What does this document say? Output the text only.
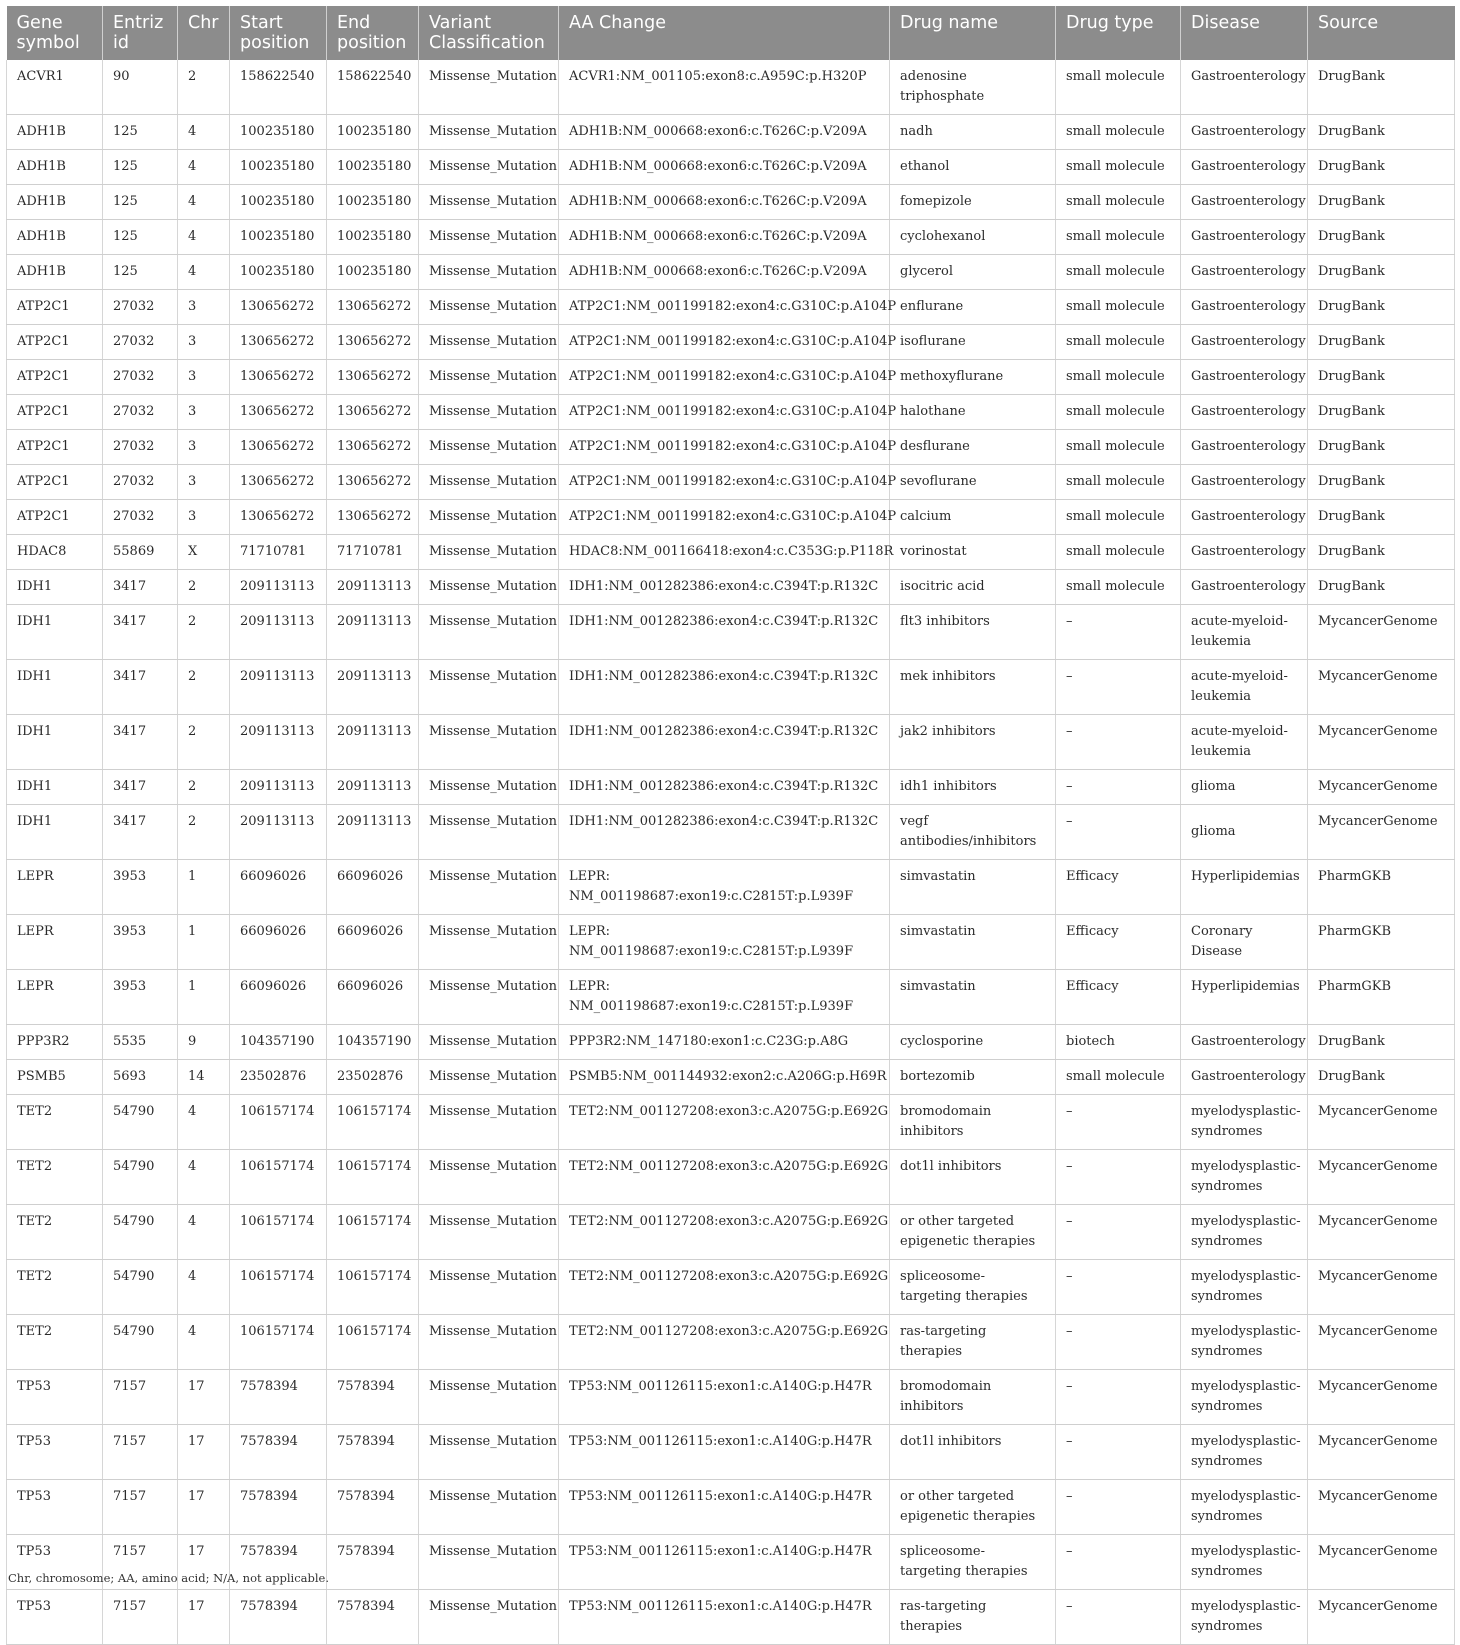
Gene symbol	Entriz id	Chr	Start position	End position	Variant Classification	AA Change	Drug name	Drug type	Disease	Source
ACVR1	90	2	158622540	158622540	Missense_Mutation	ACVR1:NM_001105:exon8:c.A959C:p.H320P	adenosine triphosphate	small molecule	Gastroenterology	DrugBank
ADH1B	125	4	100235180	100235180	Missense_Mutation	ADH1B:NM_000668:exon6:c.T626C:p.V209A	nadh	small molecule	Gastroenterology	DrugBank
ADH1B	125	4	100235180	100235180	Missense_Mutation	ADH1B:NM_000668:exon6:c.T626C:p.V209A	ethanol	small molecule	Gastroenterology	DrugBank
ADH1B	125	4	100235180	100235180	Missense_Mutation	ADH1B:NM_000668:exon6:c.T626C:p.V209A	fomepizole	small molecule	Gastroenterology	DrugBank
ADH1B	125	4	100235180	100235180	Missense_Mutation	ADH1B:NM_000668:exon6:c.T626C:p.V209A	cyclohexanol	small molecule	Gastroenterology	DrugBank
ADH1B	125	4	100235180	100235180	Missense_Mutation	ADH1B:NM_000668:exon6:c.T626C:p.V209A	glycerol	small molecule	Gastroenterology	DrugBank
ATP2C1	27032	3	130656272	130656272	Missense_Mutation	ATP2C1:NM_001199182:exon4:c.G310C:p.A104P	enflurane	small molecule	Gastroenterology	DrugBank
ATP2C1	27032	3	130656272	130656272	Missense_Mutation	ATP2C1:NM_001199182:exon4:c.G310C:p.A104P	isoflurane	small molecule	Gastroenterology	DrugBank
ATP2C1	27032	3	130656272	130656272	Missense_Mutation	ATP2C1:NM_001199182:exon4:c.G310C:p.A104P	methoxyflurane	small molecule	Gastroenterology	DrugBank
ATP2C1	27032	3	130656272	130656272	Missense_Mutation	ATP2C1:NM_001199182:exon4:c.G310C:p.A104P	halothane	small molecule	Gastroenterology	DrugBank
ATP2C1	27032	3	130656272	130656272	Missense_Mutation	ATP2C1:NM_001199182:exon4:c.G310C:p.A104P	desflurane	small molecule	Gastroenterology	DrugBank
ATP2C1	27032	3	130656272	130656272	Missense_Mutation	ATP2C1:NM_001199182:exon4:c.G310C:p.A104P	sevoflurane	small molecule	Gastroenterology	DrugBank
ATP2C1	27032	3	130656272	130656272	Missense_Mutation	ATP2C1:NM_001199182:exon4:c.G310C:p.A104P	calcium	small molecule	Gastroenterology	DrugBank
HDAC8	55869	X	71710781	71710781	Missense_Mutation	HDAC8:NM_001166418:exon4:c.C353G:p.P118R	vorinostat	small molecule	Gastroenterology	DrugBank
IDH1	3417	2	209113113	209113113	Missense_Mutation	IDH1:NM_001282386:exon4:c.C394T:p.R132C	isocitric acid	small molecule	Gastroenterology	DrugBank
IDH1	3417	2	209113113	209113113	Missense_Mutation	IDH1:NM_001282386:exon4:c.C394T:p.R132C	flt3 inhibitors	–	acute-myeloid-leukemia	MycancerGenome
IDH1	3417	2	209113113	209113113	Missense_Mutation	IDH1:NM_001282386:exon4:c.C394T:p.R132C	mek inhibitors	–	acute-myeloid-leukemia	MycancerGenome
IDH1	3417	2	209113113	209113113	Missense_Mutation	IDH1:NM_001282386:exon4:c.C394T:p.R132C	jak2 inhibitors	–	acute-myeloid-leukemia	MycancerGenome
IDH1	3417	2	209113113	209113113	Missense_Mutation	IDH1:NM_001282386:exon4:c.C394T:p.R132C	idh1 inhibitors	–	glioma	MycancerGenome
IDH1	3417	2	209113113	209113113	Missense_Mutation	IDH1:NM_001282386:exon4:c.C394T:p.R132C	vegf antibodies/inhibitors	–	glioma	MycancerGenome
LEPR	3953	1	66096026	66096026	Missense_Mutation	LEPR: NM_001198687:exon19:c.C2815T:p.L939F	simvastatin	Efficacy	Hyperlipidemias	PharmGKB
LEPR	3953	1	66096026	66096026	Missense_Mutation	LEPR: NM_001198687:exon19:c.C2815T:p.L939F	simvastatin	Efficacy	Coronary Disease	PharmGKB
LEPR	3953	1	66096026	66096026	Missense_Mutation	LEPR: NM_001198687:exon19:c.C2815T:p.L939F	simvastatin	Efficacy	Hyperlipidemias	PharmGKB
PPP3R2	5535	9	104357190	104357190	Missense_Mutation	PPP3R2:NM_147180:exon1:c.C23G:p.A8G	cyclosporine	biotech	Gastroenterology	DrugBank
PSMB5	5693	14	23502876	23502876	Missense_Mutation	PSMB5:NM_001144932:exon2:c.A206G:p.H69R	bortezomib	small molecule	Gastroenterology	DrugBank
TET2	54790	4	106157174	106157174	Missense_Mutation	TET2:NM_001127208:exon3:c.A2075G:p.E692G	bromodomain inhibitors	–	myelodysplastic-syndromes	MycancerGenome
TET2	54790	4	106157174	106157174	Missense_Mutation	TET2:NM_001127208:exon3:c.A2075G:p.E692G	dot1l inhibitors	–	myelodysplastic-syndromes	MycancerGenome
TET2	54790	4	106157174	106157174	Missense_Mutation	TET2:NM_001127208:exon3:c.A2075G:p.E692G	or other targeted epigenetic therapies	–	myelodysplastic-syndromes	MycancerGenome
TET2	54790	4	106157174	106157174	Missense_Mutation	TET2:NM_001127208:exon3:c.A2075G:p.E692G	spliceosome-targeting therapies	–	myelodysplastic-syndromes	MycancerGenome
TET2	54790	4	106157174	106157174	Missense_Mutation	TET2:NM_001127208:exon3:c.A2075G:p.E692G	ras-targeting therapies	–	myelodysplastic-syndromes	MycancerGenome
TP53	7157	17	7578394	7578394	Missense_Mutation	TP53:NM_001126115:exon1:c.A140G:p.H47R	bromodomain inhibitors	–	myelodysplastic-syndromes	MycancerGenome
TP53	7157	17	7578394	7578394	Missense_Mutation	TP53:NM_001126115:exon1:c.A140G:p.H47R	dot1l inhibitors	–	myelodysplastic-syndromes	MycancerGenome
TP53	7157	17	7578394	7578394	Missense_Mutation	TP53:NM_001126115:exon1:c.A140G:p.H47R	or other targeted epigenetic therapies	–	myelodysplastic-syndromes	MycancerGenome
TP53	7157	17	7578394	7578394	Missense_Mutation	TP53:NM_001126115:exon1:c.A140G:p.H47R	spliceosome-targeting therapies	–	myelodysplastic-syndromes	MycancerGenome
TP53	7157	17	7578394	7578394	Missense_Mutation	TP53:NM_001126115:exon1:c.A140G:p.H47R	ras-targeting therapies	–	myelodysplastic-syndromes	MycancerGenome
Chr, chromosome; AA, amino acid; N/A, not applicable.
